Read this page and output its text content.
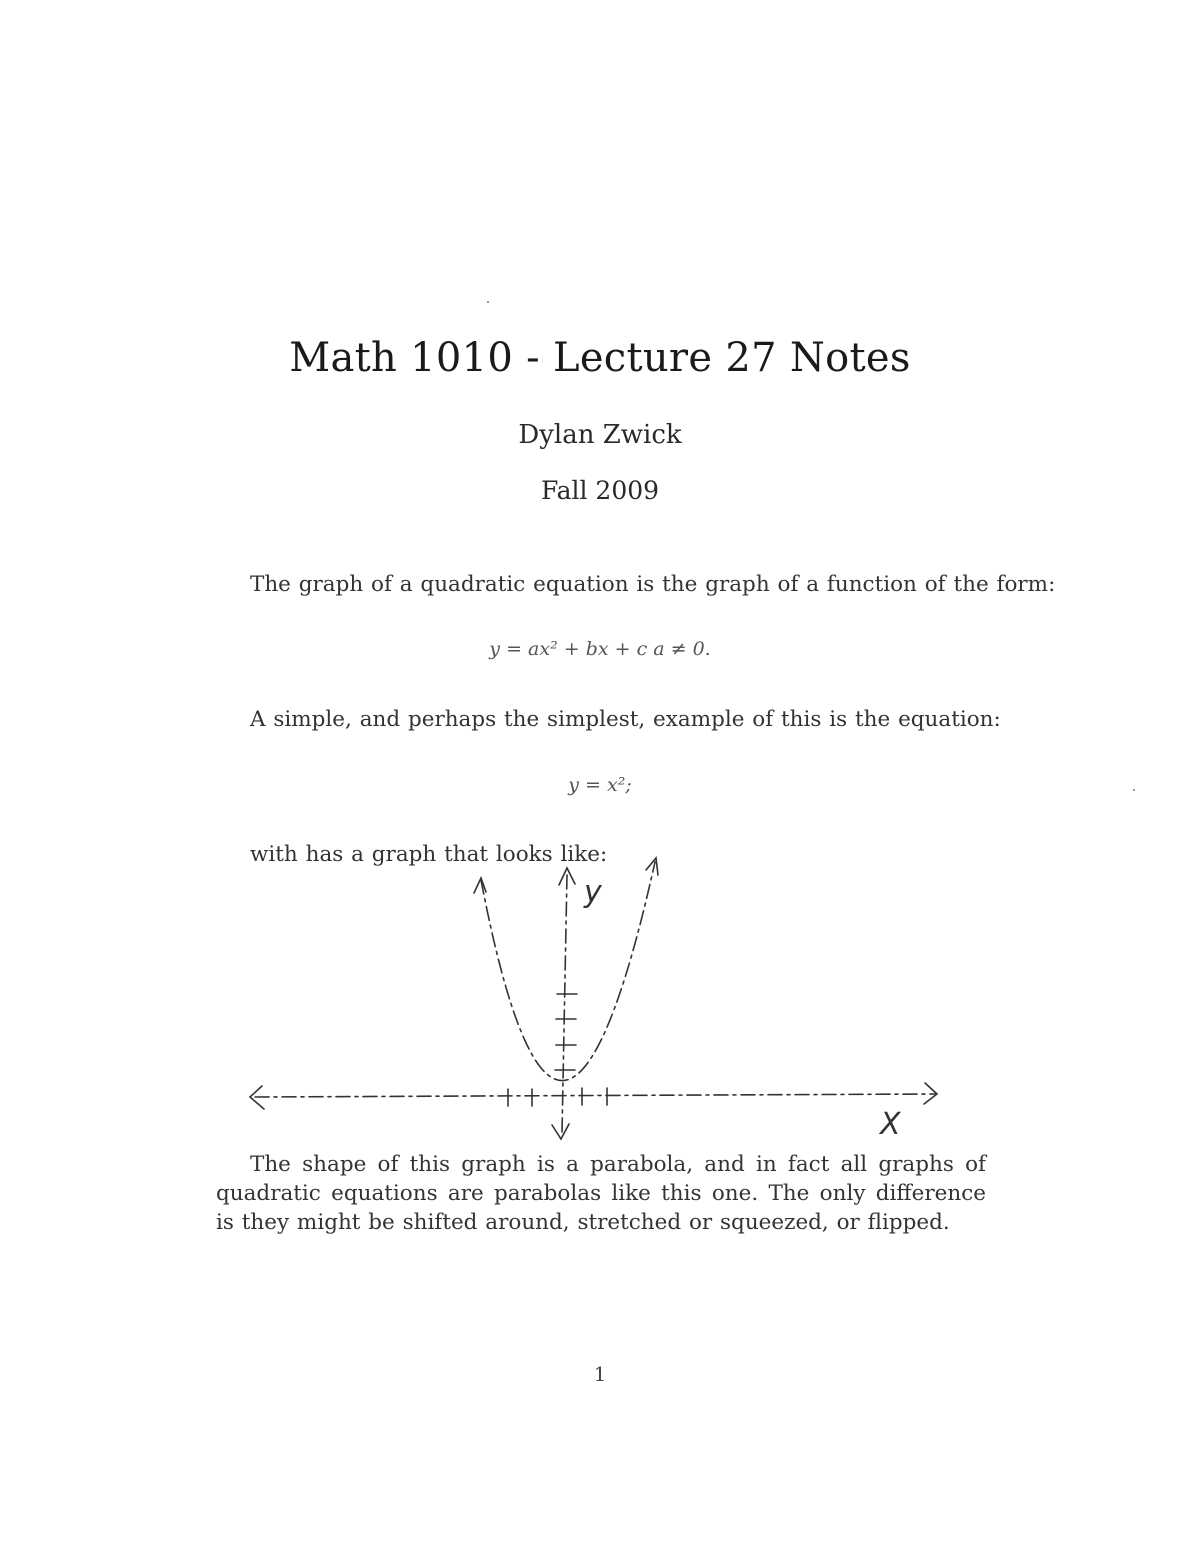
Math 1010 - Lecture 27 Notes
Dylan Zwick
Fall 2009
The graph of a quadratic equation is the graph of a function of the form:
y = ax² + bx + c a ≠ 0.
A simple, and perhaps the simplest, example of this is the equation:
y = x²;
with has a graph that looks like:
y
X
The shape of this graph is a parabola, and in fact all graphs of quadratic equations are parabolas like this one. The only difference is they might be shifted around, stretched or squeezed, or flipped.
1
